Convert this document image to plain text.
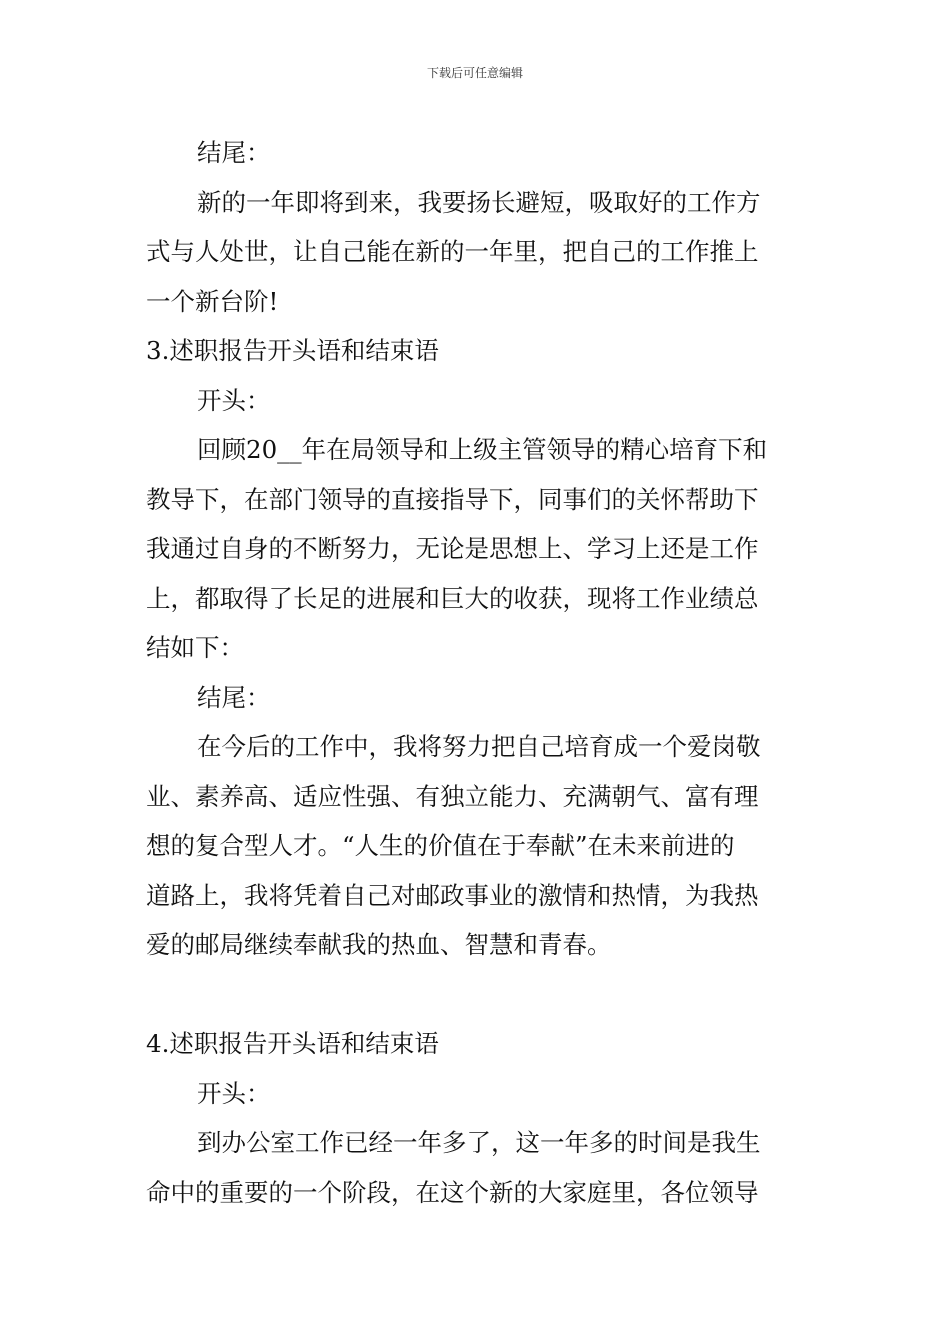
下载后可任意编辑
结尾：
新的一年即将到来，我要扬长避短，吸取好的工作方
式与人处世，让自己能在新的一年里，把自己的工作推上
一个新台阶!
3.述职报告开头语和结束语
开头：
回顾20__年在局领导和上级主管领导的精心培育下和
教导下，在部门领导的直接指导下，同事们的关怀帮助下
我通过自身的不断努力，无论是思想上、学习上还是工作
上，都取得了长足的进展和巨大的收获，现将工作业绩总
结如下：
结尾：
在今后的工作中，我将努力把自己培育成一个爱岗敬
业、素养高、适应性强、有独立能力、充满朝气、富有理
想的复合型人才。“人生的价值在于奉献”在未来前进的
道路上，我将凭着自己对邮政事业的激情和热情，为我热
爱的邮局继续奉献我的热血、智慧和青春。
4.述职报告开头语和结束语
开头：
到办公室工作已经一年多了，这一年多的时间是我生
命中的重要的一个阶段，在这个新的大家庭里，各位领导
